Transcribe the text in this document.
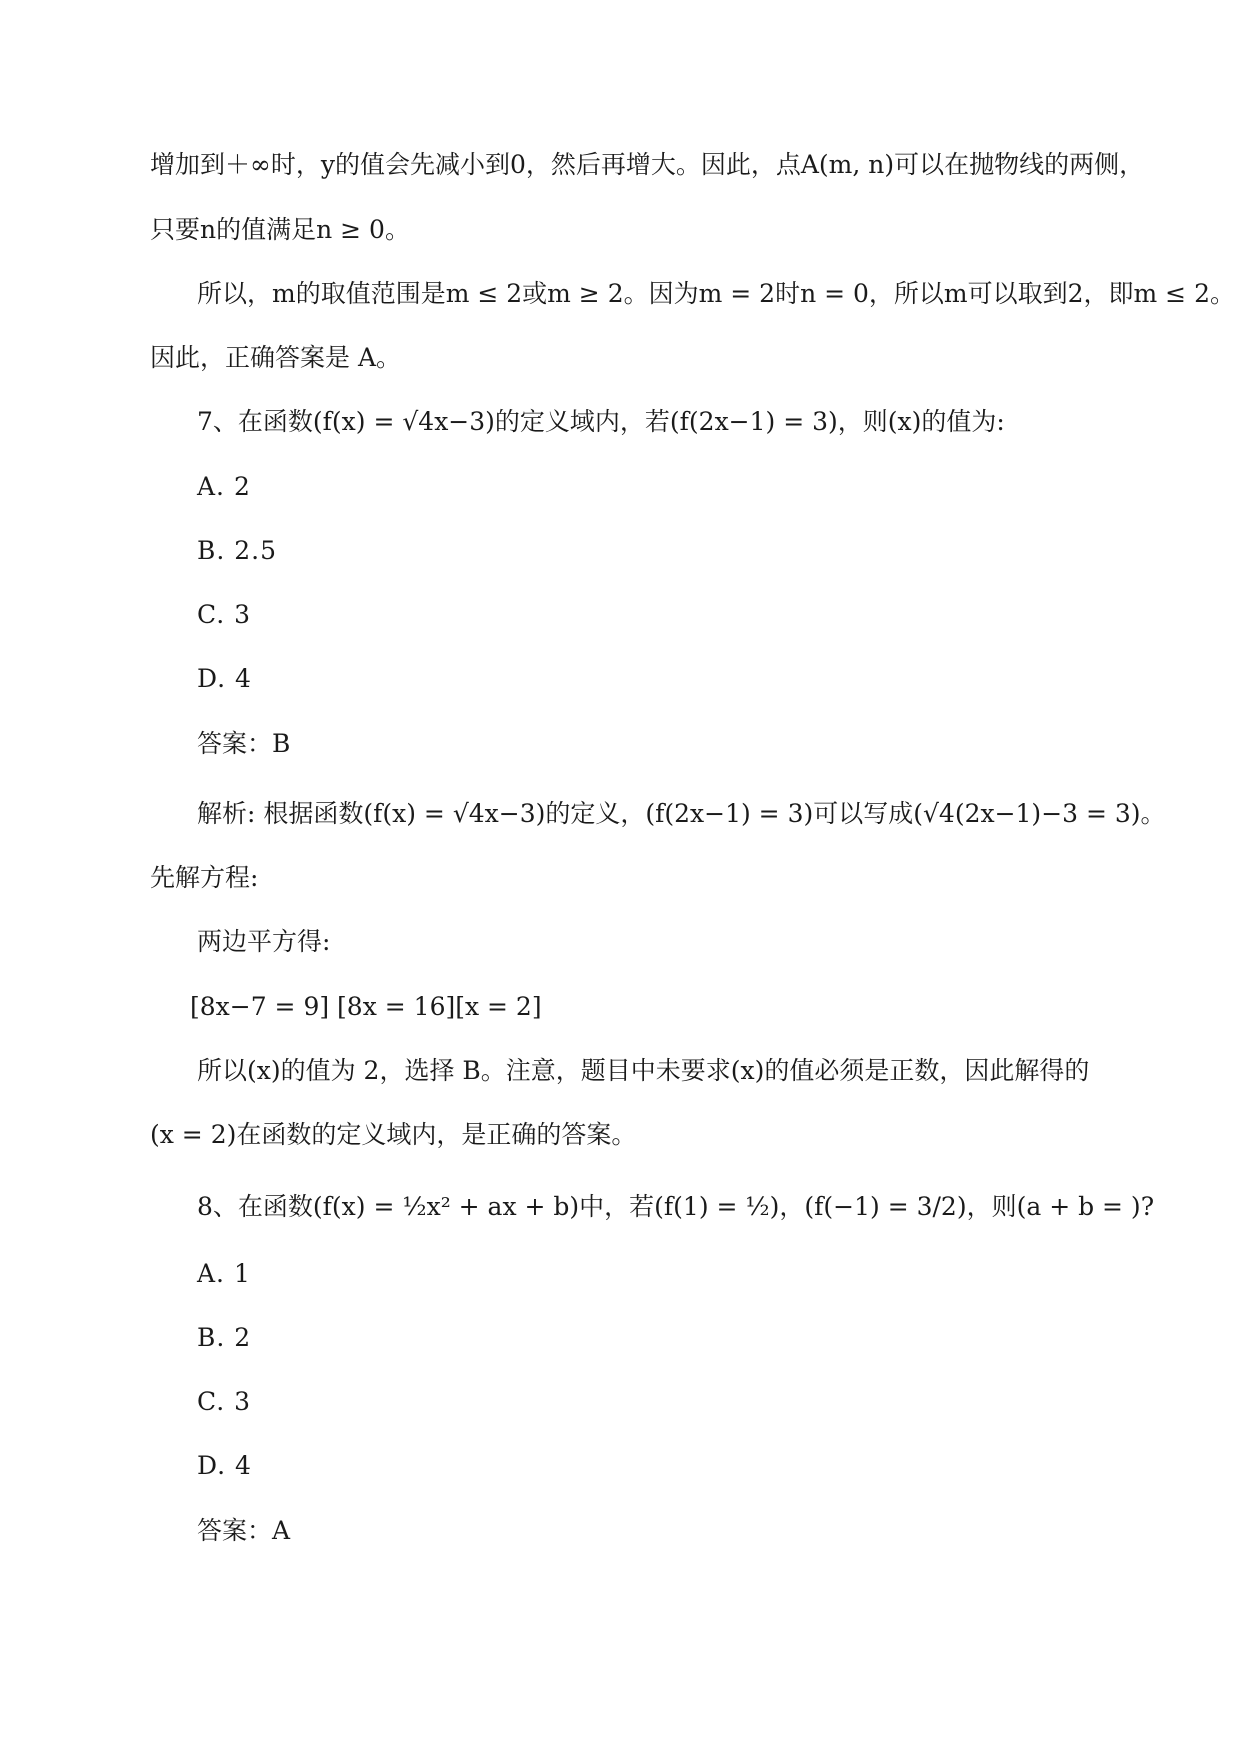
增加到＋∞时，y的值会先减小到0，然后再增大。因此，点A(m, n)可以在抛物线的两侧，
只要n的值满足n ≥ 0。
所以，m的取值范围是m ≤ 2或m ≥ 2。因为m = 2时n = 0，所以m可以取到2，即m ≤ 2。
因此，正确答案是 A。
7、在函数(f(x) = √4x−3)的定义域内，若(f(2x−1) = 3)，则(x)的值为:
A. 2
B. 2.5
C. 3
D. 4
答案：B
解析: 根据函数(f(x) = √4x−3)的定义，(f(2x−1) = 3)可以写成(√4(2x−1)−3 = 3)。
先解方程:
两边平方得:
[8x−7 = 9] [8x = 16][x = 2]
所以(x)的值为 2，选择 B。注意，题目中未要求(x)的值必须是正数，因此解得的
(x = 2)在函数的定义域内，是正确的答案。
8、在函数(f(x) = ½x² + ax + b)中，若(f(1) = ½)，(f(−1) = 3/2)，则(a + b = )?
A. 1
B. 2
C. 3
D. 4
答案：A
